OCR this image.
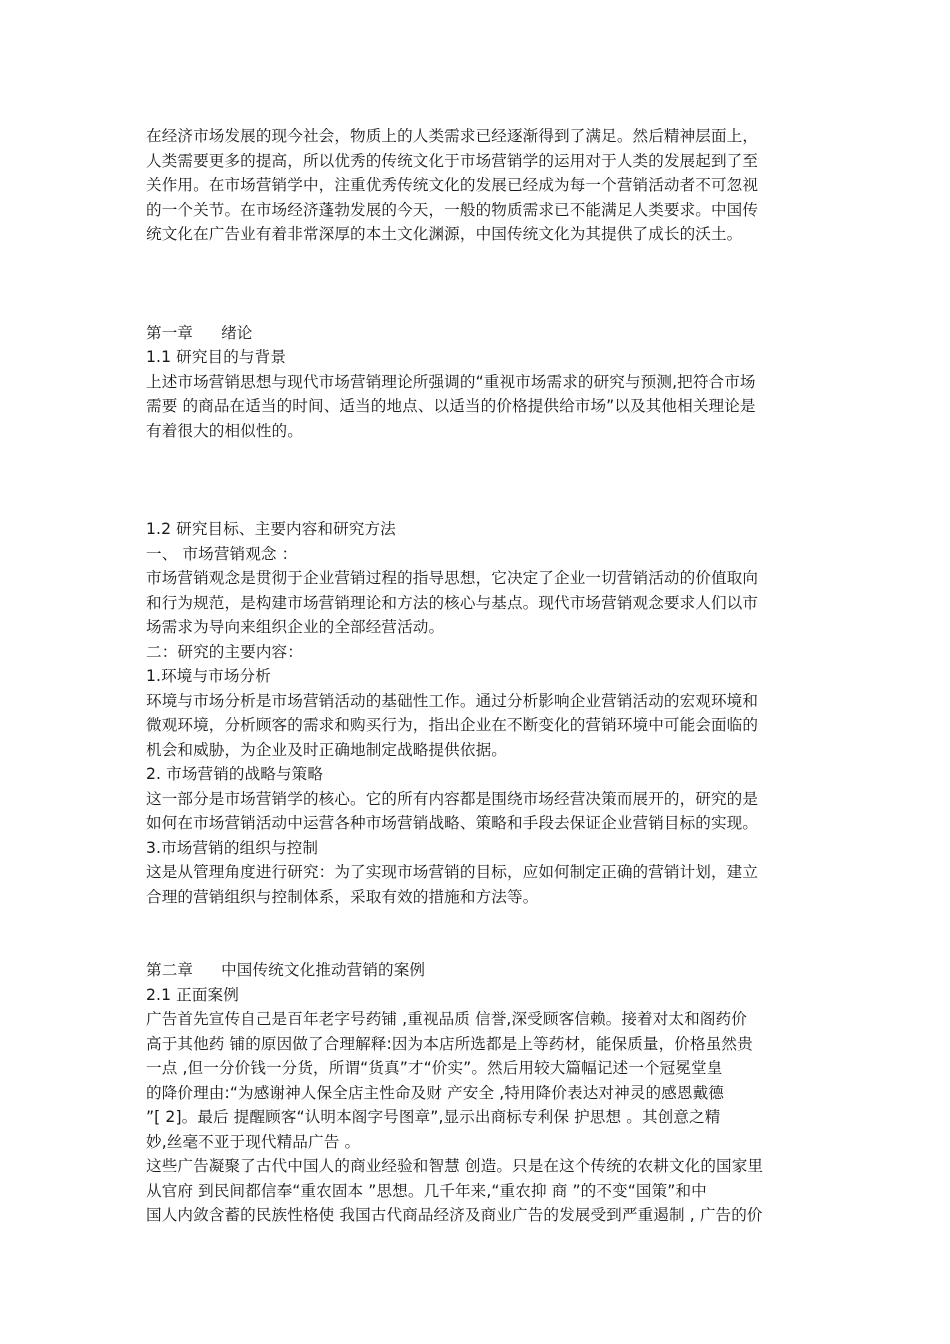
在经济市场发展的现今社会，物质上的人类需求已经逐渐得到了满足。然后精神层面上，
人类需要更多的提高，所以优秀的传统文化于市场营销学的运用对于人类的发展起到了至
关作用。在市场营销学中，注重优秀传统文化的发展已经成为每一个营销活动者不可忽视
的一个关节。在市场经济蓬勃发展的今天，一般的物质需求已不能满足人类要求。中国传
统文化在广告业有着非常深厚的本土文化渊源，中国传统文化为其提供了成长的沃土。
第一章 绪论
1.1 研究目的与背景
上述市场营销思想与现代市场营销理论所强调的“重视市场需求的研究与预测,把符合市场
需要 的商品在适当的时间、适当的地点、以适当的价格提供给市场”以及其他相关理论是
有着很大的相似性的。
1.2 研究目标、主要内容和研究方法
一、 市场营销观念 ：
市场营销观念是贯彻于企业营销过程的指导思想，它决定了企业一切营销活动的价值取向
和行为规范，是构建市场营销理论和方法的核心与基点。现代市场营销观念要求人们以市
场需求为导向来组织企业的全部经营活动。
二：研究的主要内容：
1.环境与市场分析
环境与市场分析是市场营销活动的基础性工作。通过分析影响企业营销活动的宏观环境和
微观环境，分析顾客的需求和购买行为，指出企业在不断变化的营销环境中可能会面临的
机会和威胁，为企业及时正确地制定战略提供依据。
2. 市场营销的战略与策略
这一部分是市场营销学的核心。它的所有内容都是围绕市场经营决策而展开的，研究的是
如何在市场营销活动中运营各种市场营销战略、策略和手段去保证企业营销目标的实现。
3.市场营销的组织与控制
这是从管理角度进行研究：为了实现市场营销的目标，应如何制定正确的营销计划，建立
合理的营销组织与控制体系，采取有效的措施和方法等。
第二章 中国传统文化推动营销的案例
2.1 正面案例
广告首先宣传自己是百年老字号药铺 ,重视品质 信誉,深受顾客信赖。接着对太和阁药价
高于其他药 铺的原因做了合理解释:因为本店所选都是上等药材，能保质量，价格虽然贵
一点 ,但一分价钱一分货，所谓“货真”才“价实”。然后用较大篇幅记述一个冠冕堂皇
的降价理由:“为感谢神人保全店主性命及财 产安全 ,特用降价表达对神灵的感恩戴德
”[ 2]。最后 提醒顾客“认明本阁字号图章”,显示出商标专利保 护思想 。其创意之精
妙,丝毫不亚于现代精品广告 。
这些广告凝聚了古代中国人的商业经验和智慧 创造。只是在这个传统的农耕文化的国家里
从官府 到民间都信奉“重农固本 ”思想。几千年来,“重农抑 商 ”的不变“国策”和中
国人内敛含蓄的民族性格使 我国古代商品经济及商业广告的发展受到严重遏制 , 广告的价
